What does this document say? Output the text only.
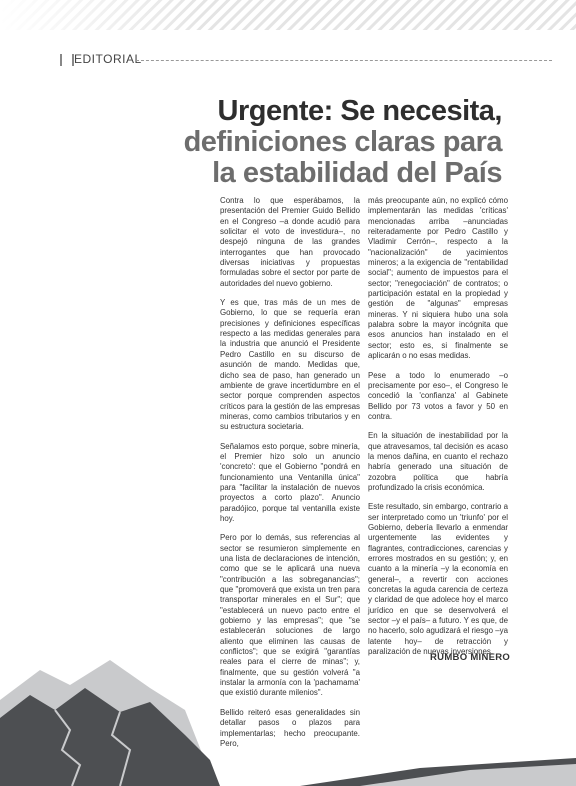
EDITORIAL
Urgente: Se necesita,
definiciones claras para
la estabilidad del País

Contra lo que esperábamos, la presentación del Premier Guido Bellido en el Congreso –a donde acudió para solicitar el voto de investidura–, no despejó ninguna de las grandes interrogantes que han provocado diversas iniciativas y propuestas formuladas sobre el sector por parte de autoridades del nuevo gobierno.

Y es que, tras más de un mes de Gobierno, lo que se requería eran precisiones y definiciones específicas respecto a las medidas generales para la industria que anunció el Presidente Pedro Castillo en su discurso de asunción de mando. Medidas que, dicho sea de paso, han generado un ambiente de grave incertidumbre en el sector porque comprenden aspectos críticos para la gestión de las empresas mineras, como cambios tributarios y en su estructura societaria.

Señalamos esto porque, sobre minería, el Premier hizo solo un anuncio 'concreto': que el Gobierno "pondrá en funcionamiento una Ventanilla única" para "facilitar la instalación de nuevos proyectos a corto plazo". Anuncio paradójico, porque tal ventanilla existe hoy.

Pero por lo demás, sus referencias al sector se resumieron simplemente en una lista de declaraciones de intención, como que se le aplicará una nueva "contribución a las sobreganancias"; que "promoverá que exista un tren para transportar minerales en el Sur"; que "establecerá un nuevo pacto entre el gobierno y las empresas"; que "se establecerán soluciones de largo aliento que eliminen las causas de conflictos"; que se exigirá "garantías reales para el cierre de minas"; y, finalmente, que su gestión volverá "a instalar la armonía con la 'pachamama' que existió durante milenios".

Bellido reiteró esas generalidades sin detallar pasos o plazos para implementarlas; hecho preocupante. Pero,

más preocupante aún, no explicó cómo implementarán las medidas 'críticas' mencionadas arriba –anunciadas reiteradamente por Pedro Castillo y Vladimir Cerrón–, respecto a la "nacionalización" de yacimientos mineros; a la exigencia de "rentabilidad social"; aumento de impuestos para el sector; "renegociación" de contratos; o participación estatal en la propiedad y gestión de "algunas" empresas mineras. Y ni siquiera hubo una sola palabra sobre la mayor incógnita que esos anuncios han instalado en el sector; esto es, si finalmente se aplicarán o no esas medidas.

Pese a todo lo enumerado –o precisamente por eso–, el Congreso le concedió la 'confianza' al Gabinete Bellido por 73 votos a favor y 50 en contra.

En la situación de inestabilidad por la que atravesamos, tal decisión es acaso la menos dañina, en cuanto el rechazo habría generado una situación de zozobra política que habría profundizado la crisis económica.

Este resultado, sin embargo, contrario a ser interpretado como un 'triunfo' por el Gobierno, debería llevarlo a enmendar urgentemente las evidentes y flagrantes, contradicciones, carencias y errores mostrados en su gestión; y, en cuanto a la minería –y la economía en general–, a revertir con acciones concretas la aguda carencia de certeza y claridad de que adolece hoy el marco jurídico en que se desenvolverá el sector –y el país– a futuro. Y es que, de no hacerlo, solo agudizará el riesgo –ya latente hoy– de retracción y paralización de nuevas inversiones.

RUMBO MINERO
